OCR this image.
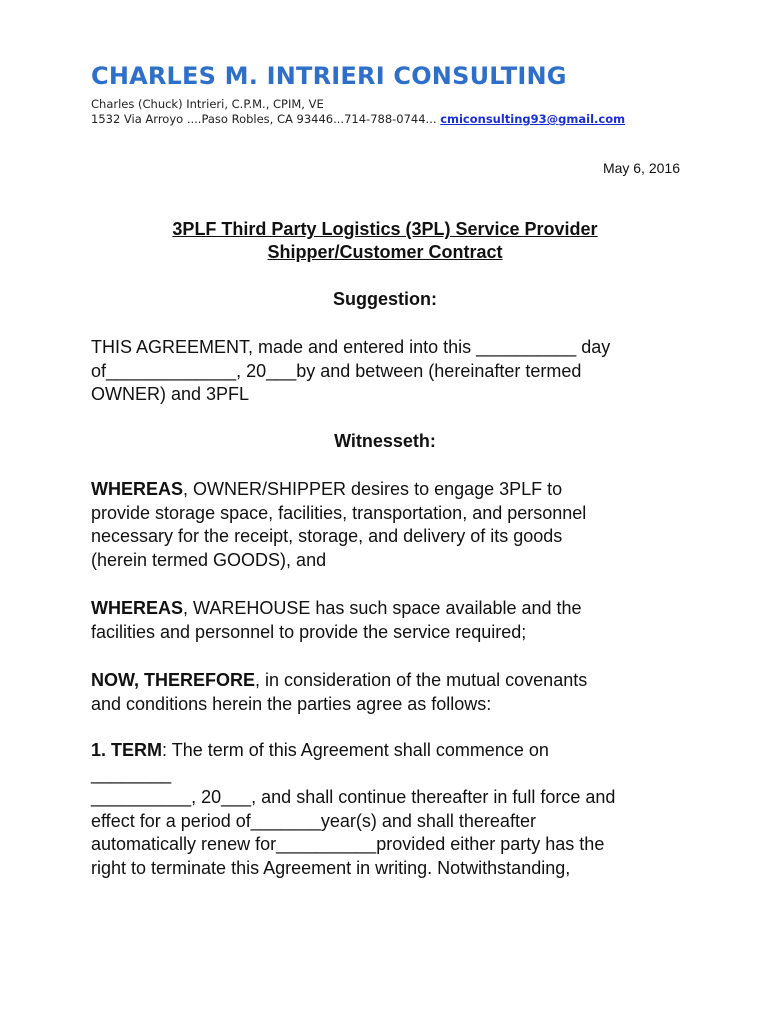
CHARLES M. INTRIERI CONSULTING
Charles (Chuck) Intrieri, C.P.M., CPIM, VE
1532 Via Arroyo ....Paso Robles, CA 93446...714-788-0744... cmiconsulting93@gmail.com
May 6, 2016
3PLF Third Party Logistics (3PL) Service Provider
Shipper/Customer Contract
Suggestion:
THIS AGREEMENT, made and entered into this __________ day
of_____________, 20___by and between (hereinafter termed
OWNER) and 3PFL
Witnesseth:
WHEREAS, OWNER/SHIPPER desires to engage 3PLF to
provide storage space, facilities, transportation, and personnel
necessary for the receipt, storage, and delivery of its goods
(herein termed GOODS), and
WHEREAS, WAREHOUSE has such space available and the
facilities and personnel to provide the service required;
NOW, THEREFORE, in consideration of the mutual covenants
and conditions herein the parties agree as follows:
1. TERM: The term of this Agreement shall commence on
________
__________, 20___, and shall continue thereafter in full force and
effect for a period of_______year(s) and shall thereafter
automatically renew for__________provided either party has the
right to terminate this Agreement in writing. Notwithstanding,
